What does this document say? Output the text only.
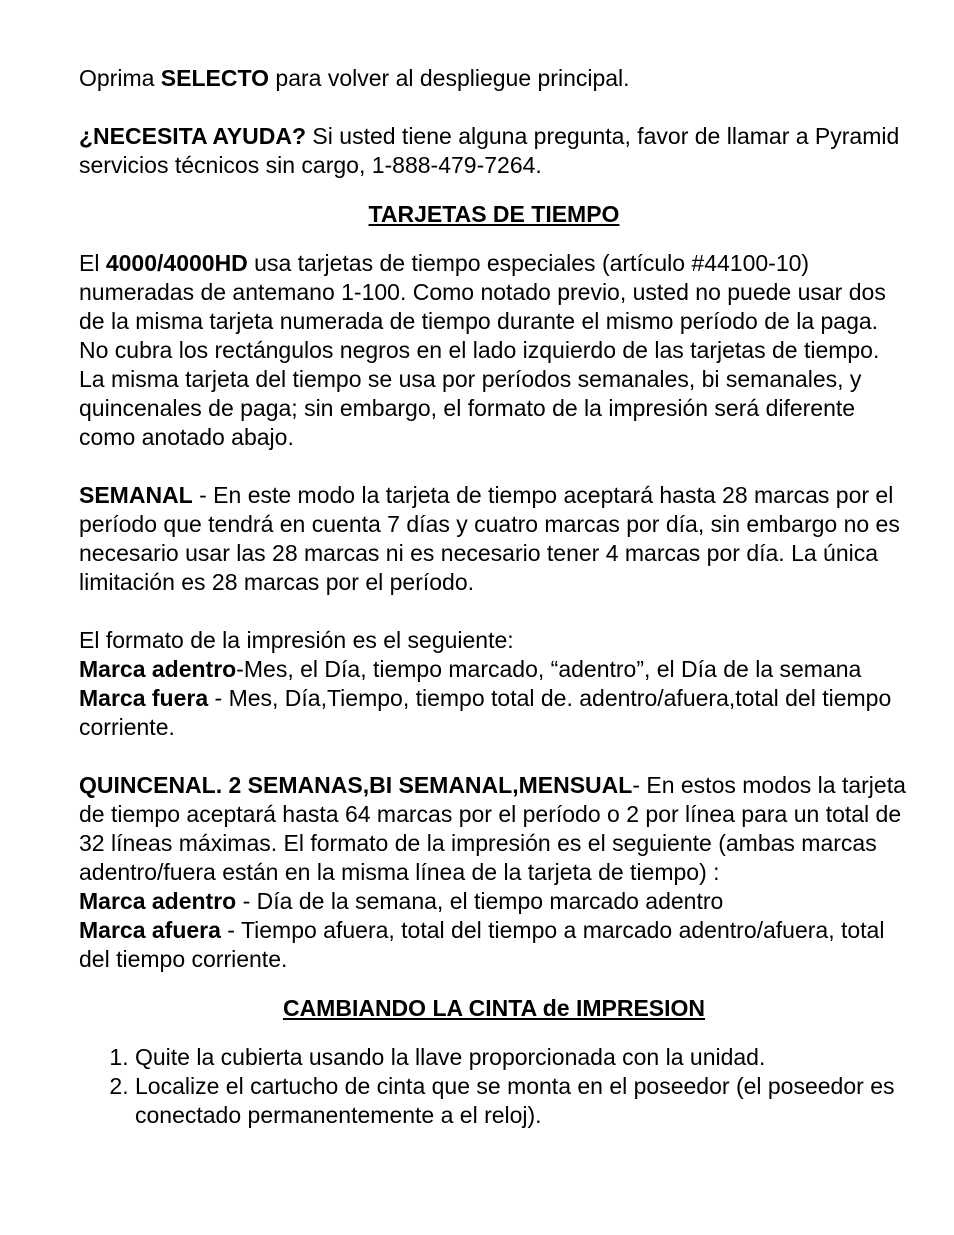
Oprima SELECTO para volver al despliegue principal.

¿NECESITA AYUDA? Si usted tiene alguna pregunta, favor de llamar a Pyramid servicios técnicos sin cargo, 1-888-479-7264.

TARJETAS DE TIEMPO

El 4000/4000HD usa tarjetas de tiempo especiales (artículo #44100-10) numeradas de antemano 1-100. Como notado previo, usted no puede usar dos de la misma tarjeta numerada de tiempo durante el mismo período de la paga. No cubra los rectángulos negros en el lado izquierdo de las tarjetas de tiempo. La misma tarjeta del tiempo se usa por períodos semanales, bi semanales, y quincenales de paga; sin embargo, el formato de la impresión será diferente como anotado abajo.

SEMANAL - En este modo la tarjeta de tiempo aceptará hasta 28 marcas por el período que tendrá en cuenta 7 días y cuatro marcas por día, sin embargo no es necesario usar las 28 marcas ni es necesario tener 4 marcas por día. La única limitación es 28 marcas por el período.

El formato de la impresión es el seguiente:

Marca adentro-Mes, el Día, tiempo marcado, “adentro”, el Día de la semana

Marca fuera - Mes, Día,Tiempo, tiempo total de. adentro/afuera,total del tiempo corriente.

QUINCENAL. 2 SEMANAS,BI SEMANAL,MENSUAL- En estos modos la tarjeta de tiempo aceptará hasta 64 marcas por el período o 2 por línea para un total de 32 líneas máximas. El formato de la impresión es el seguiente (ambas marcas adentro/fuera están en la misma línea de la tarjeta de tiempo) :

Marca adentro - Día de la semana, el tiempo marcado adentro

Marca afuera - Tiempo afuera, total del tiempo a marcado adentro/afuera, total del tiempo corriente.

CAMBIANDO LA CINTA de IMPRESION

1. Quite la cubierta usando la llave proporcionada con la unidad.
2. Localize el cartucho de cinta que se monta en el poseedor (el poseedor es conectado permanentemente a el reloj).
